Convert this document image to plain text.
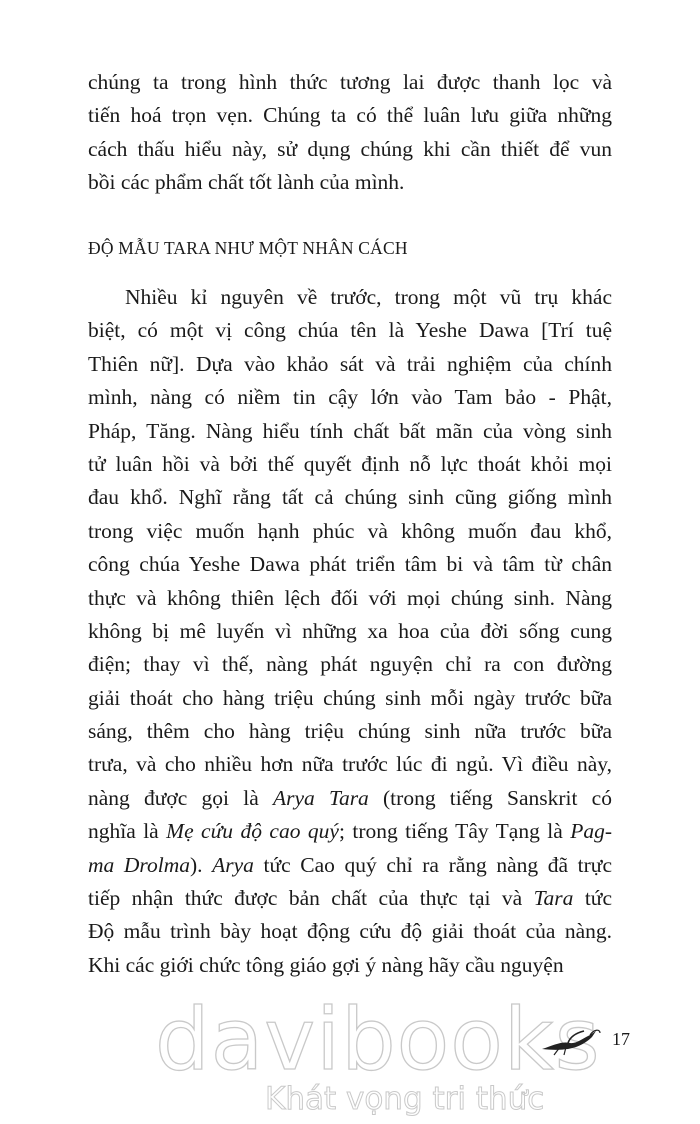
chúng ta trong hình thức tương lai được thanh lọc và
tiến hoá trọn vẹn. Chúng ta có thể luân lưu giữa những
cách thấu hiểu này, sử dụng chúng khi cần thiết để vun
bồi các phẩm chất tốt lành của mình.
ĐỘ MẪU TARA NHƯ MỘT NHÂN CÁCH
Nhiều kỉ nguyên về trước, trong một vũ trụ khác
biệt, có một vị công chúa tên là Yeshe Dawa [Trí tuệ
Thiên nữ]. Dựa vào khảo sát và trải nghiệm của chính
mình, nàng có niềm tin cậy lớn vào Tam bảo - Phật,
Pháp, Tăng. Nàng hiểu tính chất bất mãn của vòng sinh
tử luân hồi và bởi thế quyết định nỗ lực thoát khỏi mọi
đau khổ. Nghĩ rằng tất cả chúng sinh cũng giống mình
trong việc muốn hạnh phúc và không muốn đau khổ,
công chúa Yeshe Dawa phát triển tâm bi và tâm từ chân
thực và không thiên lệch đối với mọi chúng sinh. Nàng
không bị mê luyến vì những xa hoa của đời sống cung
điện; thay vì thế, nàng phát nguyện chỉ ra con đường
giải thoát cho hàng triệu chúng sinh mỗi ngày trước bữa
sáng, thêm cho hàng triệu chúng sinh nữa trước bữa
trưa, và cho nhiều hơn nữa trước lúc đi ngủ. Vì điều này,
nàng được gọi là Arya Tara (trong tiếng Sanskrit có
nghĩa là Mẹ cứu độ cao quý; trong tiếng Tây Tạng là Pag-
ma Drolma). Arya tức Cao quý chỉ ra rằng nàng đã trực
tiếp nhận thức được bản chất của thực tại và Tara tức
Độ mẫu trình bày hoạt động cứu độ giải thoát của nàng.
Khi các giới chức tông giáo gợi ý nàng hãy cầu nguyện
davibooks
Khát vọng tri thức
17
